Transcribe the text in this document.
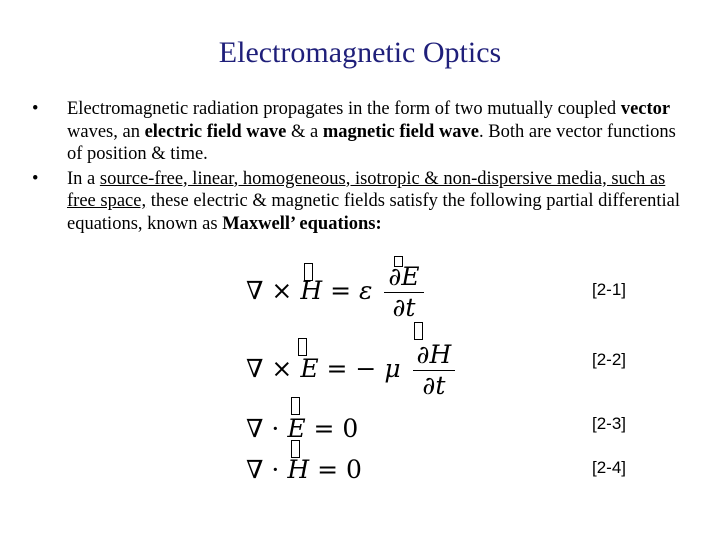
Electromagnetic Optics
•	Electromagnetic radiation propagates in the form of two mutually coupled vector waves, an electric field wave & a magnetic field wave. Both are vector functions of position & time.
•	In a source-free, linear, homogeneous, isotropic & non-dispersive media, such as free space, these electric & magnetic fields satisfy the following partial differential equations, known as Maxwell’ equations:
∇ × H = ε $\frac{\partial E}{\partial t}$	[2-1]
∇ × E = − μ $\frac{\partial H}{\partial t}$	[2-2]
∇ · E = 0	[2-3]
∇ · H = 0	[2-4]
